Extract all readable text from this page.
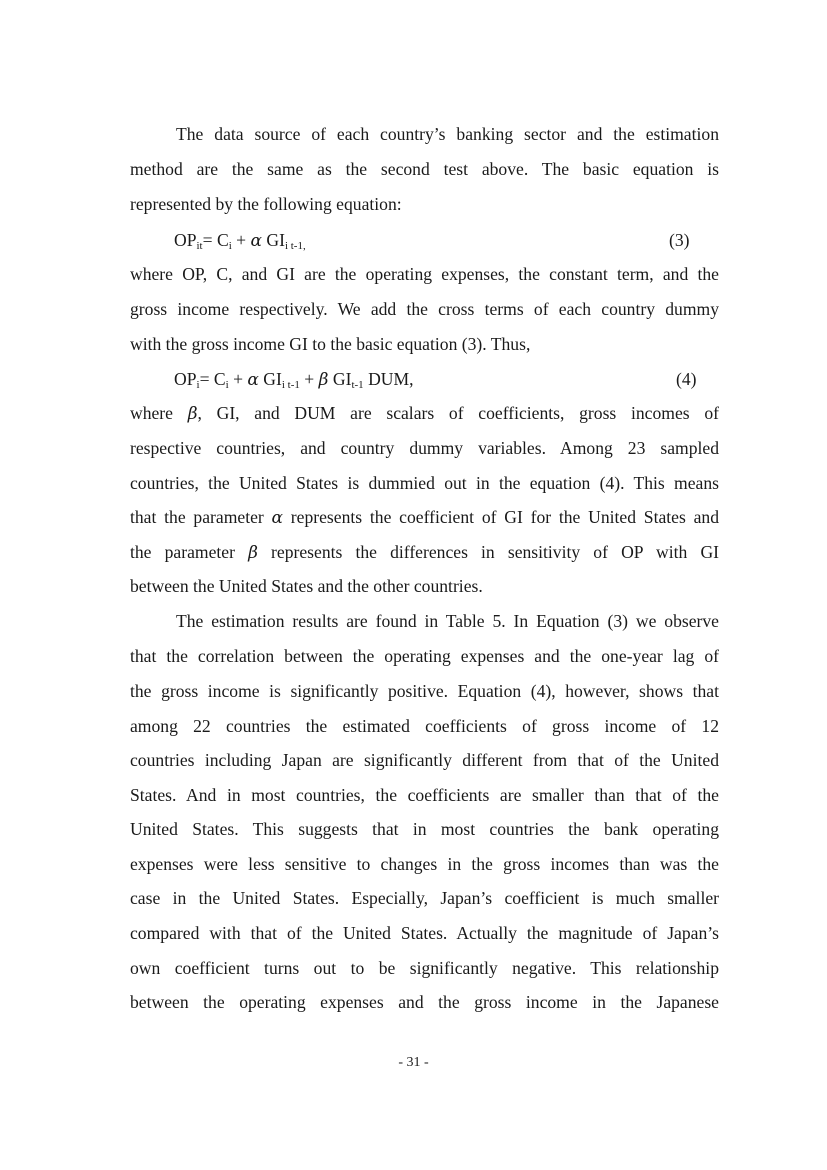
The data source of each country’s banking sector and the estimation
method are the same as the second test above. The basic equation is
represented by the following equation:
$OP_{it}= C_i + \alpha$ $GI_{i t-1,}$	(3)
where OP, C, and GI are the operating expenses, the constant term, and the
gross income respectively. We add the cross terms of each country dummy
with the gross income GI to the basic equation (3). Thus,
$OP_i= C_i + \alpha$ $GI_{i t-1} + \beta$ $GI_{t-1}$ DUM,	(4)
where β, GI, and DUM are scalars of coefficients, gross incomes of
respective countries, and country dummy variables. Among 23 sampled
countries, the United States is dummied out in the equation (4). This means
that the parameter α represents the coefficient of GI for the United States and
the parameter β represents the differences in sensitivity of OP with GI
between the United States and the other countries.
The estimation results are found in Table 5. In Equation (3) we observe
that the correlation between the operating expenses and the one-year lag of
the gross income is significantly positive. Equation (4), however, shows that
among 22 countries the estimated coefficients of gross income of 12
countries including Japan are significantly different from that of the United
States. And in most countries, the coefficients are smaller than that of the
United States. This suggests that in most countries the bank operating
expenses were less sensitive to changes in the gross incomes than was the
case in the United States. Especially, Japan’s coefficient is much smaller
compared with that of the United States. Actually the magnitude of Japan’s
own coefficient turns out to be significantly negative. This relationship
between the operating expenses and the gross income in the Japanese
- 31 -
